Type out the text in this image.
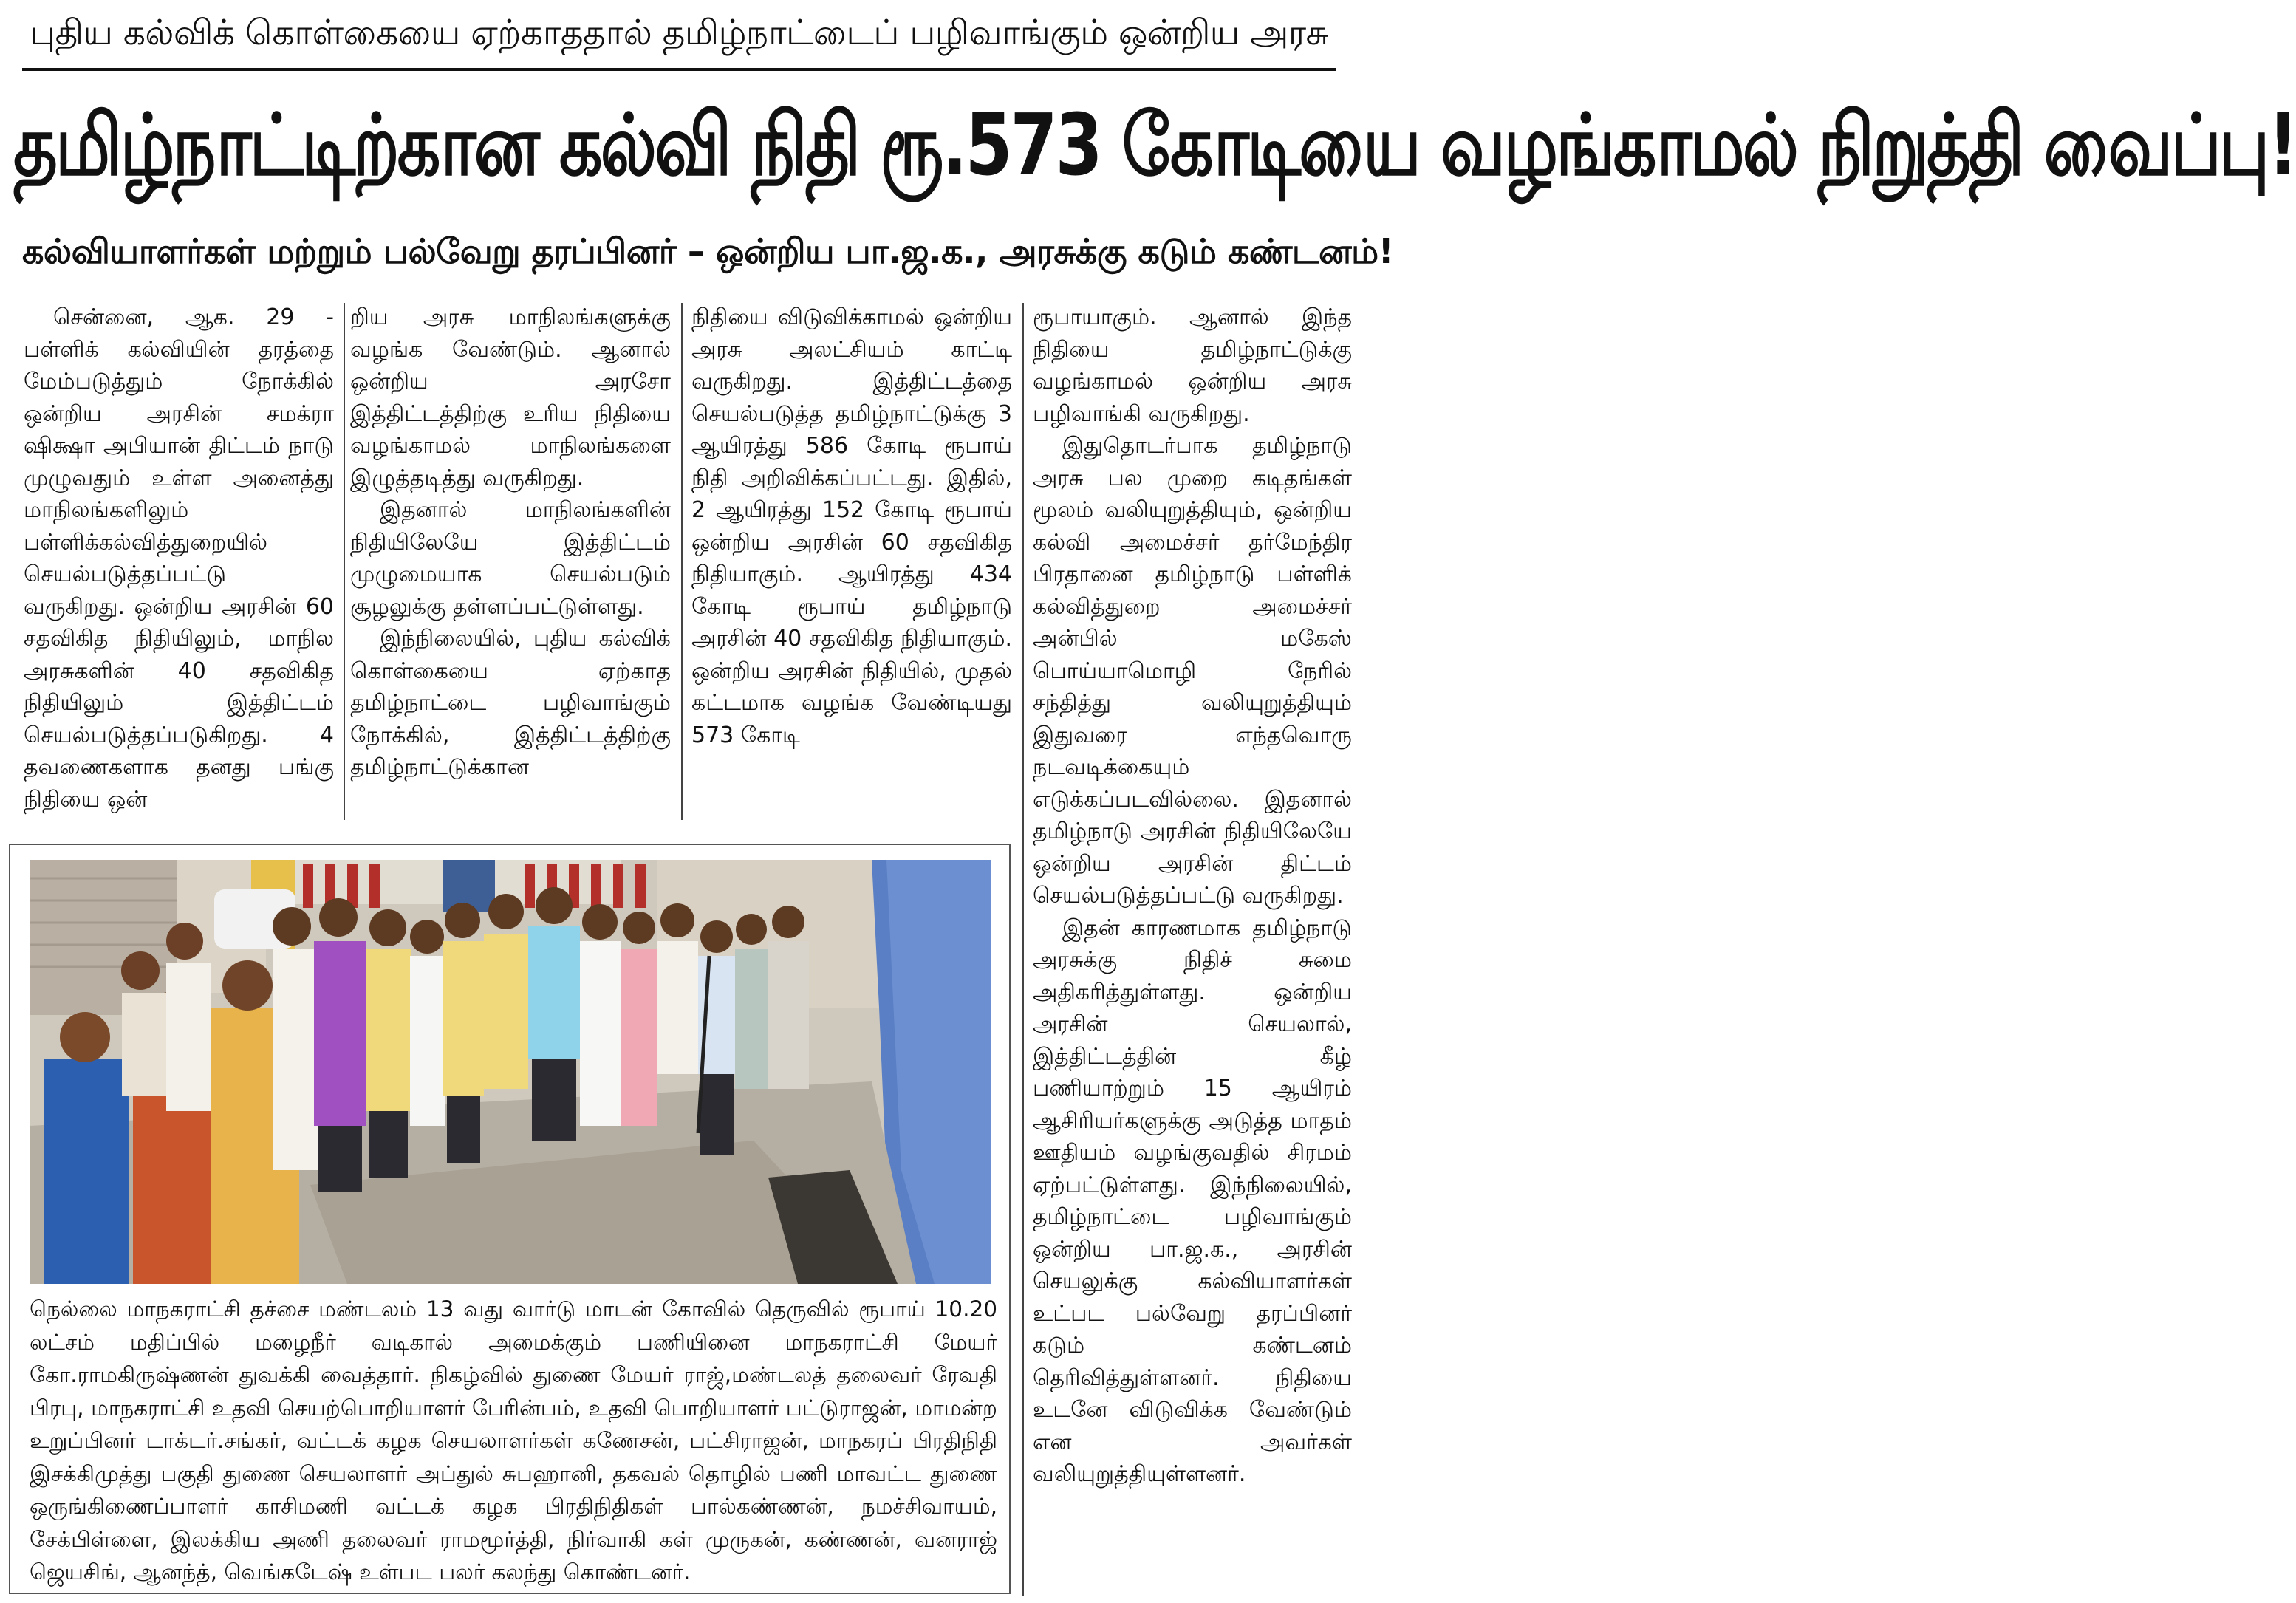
புதிய கல்விக் கொள்கையை ஏற்காததால் தமிழ்நாட்டைப் பழிவாங்கும் ஒன்றிய அரசு
தமிழ்நாட்டிற்கான கல்வி நிதி ரூ.573 கோடியை வழங்காமல் நிறுத்தி வைப்பு!
கல்வியாளர்கள் மற்றும் பல்வேறு தரப்பினர் – ஒன்றிய பா.ஜ.க., அரசுக்கு கடும் கண்டனம்!

சென்னை, ஆக. 29 - பள்ளிக் கல்வியின் தரத்தை மேம்படுத்தும் நோக்கில் ஒன்றிய அரசின் சமக்ரா ஷிக்ஷா அபியான் திட்டம் நாடு முழுவதும் உள்ள அனைத்து மாநிலங்களிலும் பள்ளிக்கல்வித்துறையில் செயல்படுத்தப்பட்டு வருகிறது. ஒன்றிய அரசின் 60 சதவிகித நிதியிலும், மாநில அரசுகளின் 40 சதவிகித நிதியிலும் இத்திட்டம் செயல்படுத்தப்படுகிறது. 4 தவணைகளாக தனது பங்கு நிதியை ஒன்

றிய அரசு மாநிலங்களுக்கு வழங்க வேண்டும். ஆனால் ஒன்றிய அரசோ இத்திட்டத்திற்கு உரிய நிதியை வழங்காமல் மாநிலங்களை இழுத்தடித்து வருகிறது.

இதனால் மாநிலங்களின் நிதியிலேயே இத்திட்டம் முழுமையாக செயல்படும் சூழலுக்கு தள்ளப்பட்டுள்ளது.

இந்நிலையில், புதிய கல்விக் கொள்கையை ஏற்காத தமிழ்நாட்டை பழிவாங்கும் நோக்கில், இத்திட்டத்திற்கு தமிழ்நாட்டுக்கான

நிதியை விடுவிக்காமல் ஒன்றிய அரசு அலட்சியம் காட்டி வருகிறது. இத்திட்டத்தை செயல்படுத்த தமிழ்நாட்டுக்கு 3 ஆயிரத்து 586 கோடி ரூபாய் நிதி அறிவிக்கப்பட்டது. இதில், 2 ஆயிரத்து 152 கோடி ரூபாய் ஒன்றிய அரசின் 60 சதவிகித நிதியாகும். ஆயிரத்து 434 கோடி ரூபாய் தமிழ்நாடு அரசின் 40 சதவிகித நிதியாகும். ஒன்றிய அரசின் நிதியில், முதல் கட்டமாக வழங்க வேண்டியது 573 கோடி

ரூபாயாகும். ஆனால் இந்த நிதியை தமிழ்நாட்டுக்கு வழங்காமல் ஒன்றிய அரசு பழிவாங்கி வருகிறது.

இதுதொடர்பாக தமிழ்நாடு அரசு பல முறை கடிதங்கள் மூலம் வலியுறுத்தியும், ஒன்றிய கல்வி அமைச்சர் தர்மேந்திர பிரதானை தமிழ்நாடு பள்ளிக் கல்வித்துறை அமைச்சர் அன்பில் மகேஸ் பொய்யாமொழி நேரில் சந்தித்து வலியுறுத்தியும் இதுவரை எந்தவொரு நடவடிக்கையும் எடுக்கப்படவில்லை. இதனால் தமிழ்நாடு அரசின் நிதியிலேயே ஒன்றிய அரசின் திட்டம் செயல்படுத்தப்பட்டு வருகிறது.

இதன் காரணமாக தமிழ்நாடு அரசுக்கு நிதிச் சுமை அதிகரித்துள்ளது. ஒன்றிய அரசின் செயலால், இத்திட்டத்தின் கீழ் பணியாற்றும் 15 ஆயிரம் ஆசிரியர்களுக்கு அடுத்த மாதம் ஊதியம் வழங்குவதில் சிரமம் ஏற்பட்டுள்ளது. இந்நிலையில், தமிழ்நாட்டை பழிவாங்கும் ஒன்றிய பா.ஜ.க., அரசின் செயலுக்கு கல்வியாளர்கள் உட்பட பல்வேறு தரப்பினர் கடும் கண்டனம் தெரிவித்துள்ளனர். நிதியை உடனே விடுவிக்க வேண்டும் என அவர்கள் வலியுறுத்தியுள்ளனர்.

நெல்லை மாநகராட்சி தச்சை மண்டலம் 13 வது வார்டு மாடன் கோவில் தெருவில் ரூபாய் 10.20 லட்சம் மதிப்பில் மழைநீர் வடிகால் அமைக்கும் பணியினை மாநகராட்சி மேயர் கோ.ராமகிருஷ்ணன் துவக்கி வைத்தார். நிகழ்வில் துணை மேயர் ராஜ்,மண்டலத் தலைவர் ரேவதி பிரபு, மாநகராட்சி உதவி செயற்பொறியாளர் பேரின்பம், உதவி பொறியாளர் பட்டுராஜன், மாமன்ற உறுப்பினர் டாக்டர்.சங்கர், வட்டக் கழக செயலாளர்கள் கணேசன், பட்சிராஜன், மாநகரப் பிரதிநிதி இசக்கிமுத்து பகுதி துணை செயலாளர் அப்துல் சுபஹானி, தகவல் தொழில் பணி மாவட்ட துணை ஒருங்கிணைப்பாளர் காசிமணி வட்டக் கழக பிரதிநிதிகள் பால்கண்ணன், நமச்சிவாயம், சேக்பிள்ளை, இலக்கிய அணி தலைவர் ராமமூர்த்தி, நிர்வாகி கள் முருகன், கண்ணன், வனராஜ் ஜெயசிங், ஆனந்த், வெங்கடேஷ் உள்பட பலர் கலந்து கொண்டனர்.
